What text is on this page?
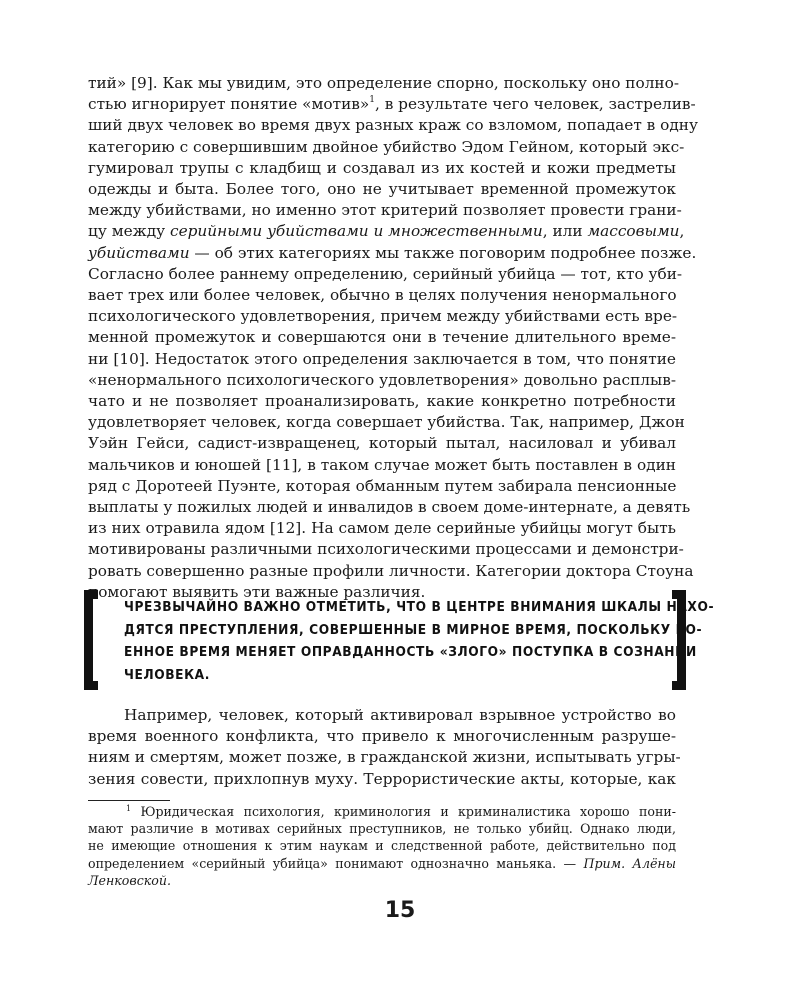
тий» [9]. Как мы увидим, это определение спорно, поскольку оно полно-
стью игнорирует понятие «мотив»$^1$, в результате чего человек, застрелив-
ший двух человек во время двух разных краж со взломом, попадает в одну
категорию с совершившим двойное убийство Эдом Гейном, который экс-
гумировал трупы с кладбищ и создавал из их костей и кожи предметы
одежды и быта. Более того, оно не учитывает временной промежуток
между убийствами, но именно этот критерий позволяет провести грани-
цу между серийными убийствами и множественными, или массовыми,
убийствами — об этих категориях мы также поговорим подробнее позже.
Согласно более раннему определению, серийный убийца — тот, кто уби-
вает трех или более человек, обычно в целях получения ненормального
психологического удовлетворения, причем между убийствами есть вре-
менной промежуток и совершаются они в течение длительного време-
ни [10]. Недостаток этого определения заключается в том, что понятие
«ненормального психологического удовлетворения» довольно расплыв-
чато и не позволяет проанализировать, какие конкретно потребности
удовлетворяет человек, когда совершает убийства. Так, например, Джон
Уэйн Гейси, садист-извращенец, который пытал, насиловал и убивал
мальчиков и юношей [11], в таком случае может быть поставлен в один
ряд с Доротеей Пуэнте, которая обманным путем забирала пенсионные
выплаты у пожилых людей и инвалидов в своем доме-интернате, а девять
из них отравила ядом [12]. На самом деле серийные убийцы могут быть
мотивированы различными психологическими процессами и демонстри-
ровать совершенно разные профили личности. Категории доктора Стоуна
помогают выявить эти важные различия.
ЧРЕЗВЫЧАЙНО ВАЖНО ОТМЕТИТЬ, ЧТО В ЦЕНТРЕ ВНИМАНИЯ ШКАЛЫ НАХО-
ДЯТСЯ ПРЕСТУПЛЕНИЯ, СОВЕРШЕННЫЕ В МИРНОЕ ВРЕМЯ, ПОСКОЛЬКУ ВО-
ЕННОЕ ВРЕМЯ МЕНЯЕТ ОПРАВДАННОСТЬ «ЗЛОГО» ПОСТУПКА В СОЗНАНИИ
ЧЕЛОВЕКА.
Например, человек, который активировал взрывное устройство во
время военного конфликта, что привело к многочисленным разруше-
ниям и смертям, может позже, в гражданской жизни, испытывать угры-
зения совести, прихлопнув муху. Террористические акты, которые, как
$^1$ Юридическая психология, криминология и криминалистика хорошо пони-
мают различие в мотивах серийных преступников, не только убийц. Однако люди,
не имеющие отношения к этим наукам и следственной работе, действительно под
определением «серийный убийца» понимают однозначно маньяка. — Прим. Алёны
Ленковской.
15
